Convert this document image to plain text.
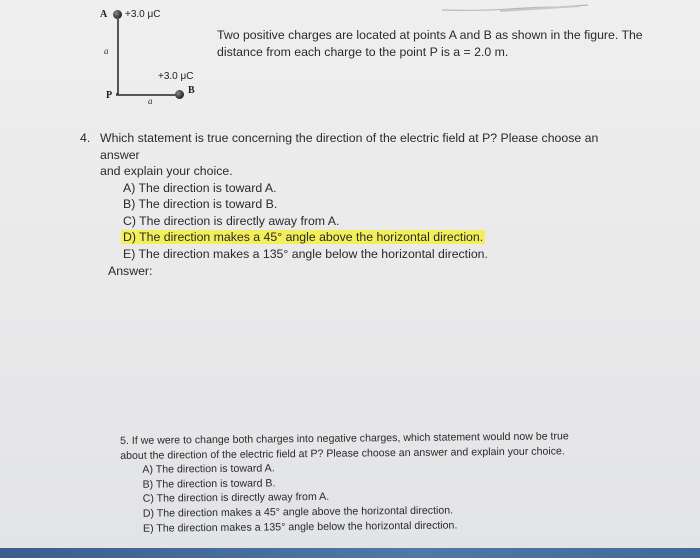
A +3.0 μC
a
P	a
+3.0 μC
B
Two positive charges are located at points A and B as shown in the figure. The
distance from each charge to the point P is a = 2.0 m.
4. Which statement is true concerning the direction of the electric field at P? Please choose an answer
and explain your choice.
A) The direction is toward A.
B) The direction is toward B.
C) The direction is directly away from A.
D) The direction makes a 45° angle above the horizontal direction.
E) The direction makes a 135° angle below the horizontal direction.
Answer:
5. If we were to change both charges into negative charges, which statement would now be true
about the direction of the electric field at P? Please choose an answer and explain your choice.
A) The direction is toward A.
B) The direction is toward B.
C) The direction is directly away from A.
D) The direction makes a 45° angle above the horizontal direction.
E) The direction makes a 135° angle below the horizontal direction.
